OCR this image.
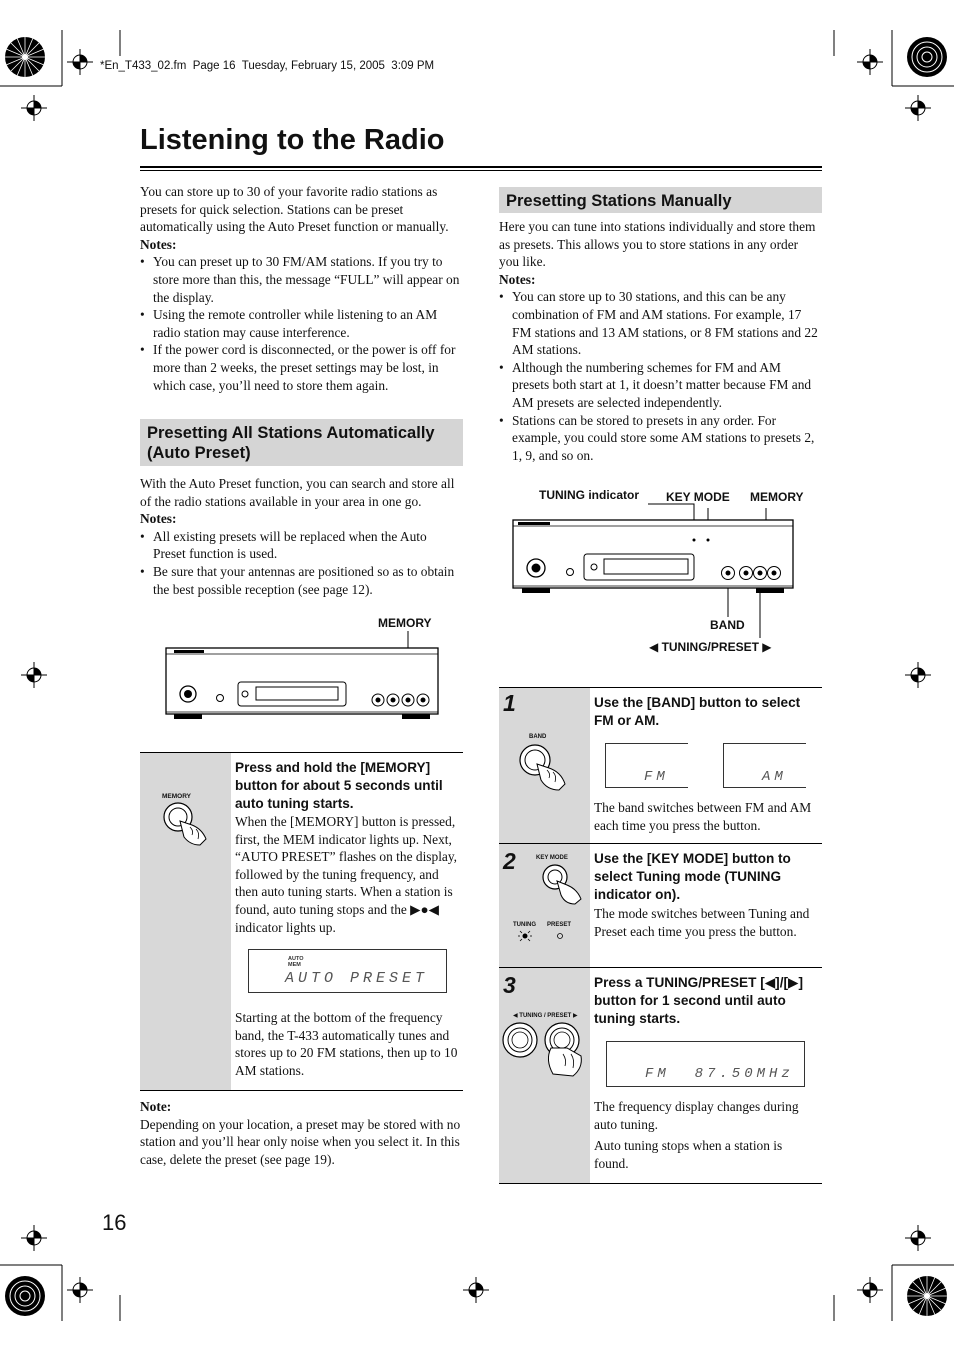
*En_T433_02.fm  Page 16  Tuesday, February 15, 2005  3:09 PM
Listening to the Radio
You can store up to 30 of your favorite radio stations as presets for quick selection. Stations can be preset automatically using the Auto Preset function or manually.
Notes:
• You can preset up to 30 FM/AM stations. If you try to store more than this, the message “FULL” will appear on the display.
• Using the remote controller while listening to an AM radio station may cause interference.
• If the power cord is disconnected, or the power is off for more than 2 weeks, the preset settings may be lost, in which case, you’ll need to store them again.
Presetting All Stations Automatically (Auto Preset)
With the Auto Preset function, you can search and store all of the radio stations available in your area in one go.
Notes:
• All existing presets will be replaced when the Auto Preset function is used.
• Be sure that your antennas are positioned so as to obtain the best possible reception (see page 12).
MEMORY
MEMORY
Press and hold the [MEMORY] button for about 5 seconds until auto tuning starts.
When the [MEMORY] button is pressed, first, the MEM indicator lights up. Next, “AUTO PRESET” flashes on the display, followed by the tuning frequency, and then auto tuning starts. When a station is found, auto tuning stops and the ▶●◀ indicator lights up.
AUTO MEM
AUTO PRESET
Starting at the bottom of the frequency band, the T-433 automatically tunes and stores up to 20 FM stations, then up to 10 AM stations.
Note:
Depending on your location, a preset may be stored with no station and you’ll hear only noise when you select it. In this case, delete the preset (see page 19).
16
Presetting Stations Manually
Here you can tune into stations individually and store them as presets. This allows you to store stations in any order you like.
Notes:
• You can store up to 30 stations, and this can be any combination of FM and AM stations. For example, 17 FM stations and 13 AM stations, or 8 FM stations and 22 AM stations.
• Although the numbering schemes for FM and AM presets both start at 1, it doesn’t matter because FM and AM presets are selected independently.
• Stations can be stored to presets in any order. For example, you could store some AM stations to presets 2, 1, 9, and so on.
TUNING indicator KEY MODE MEMORY
BAND
◀ TUNING/PRESET ▶
1
BAND
Use the [BAND] button to select FM or AM.
FM	AM
The band switches between FM and AM each time you press the button.
2	KEY MODE
TUNING PRESET
Use the [KEY MODE] button to select Tuning mode (TUNING indicator on).
The mode switches between Tuning and Preset each time you press the button.
3
◀ TUNING / PRESET ▶
Press a TUNING/PRESET [◀]/[▶] button for 1 second until auto tuning starts.
FM  87.50MHz
The frequency display changes during auto tuning.
Auto tuning stops when a station is found.
